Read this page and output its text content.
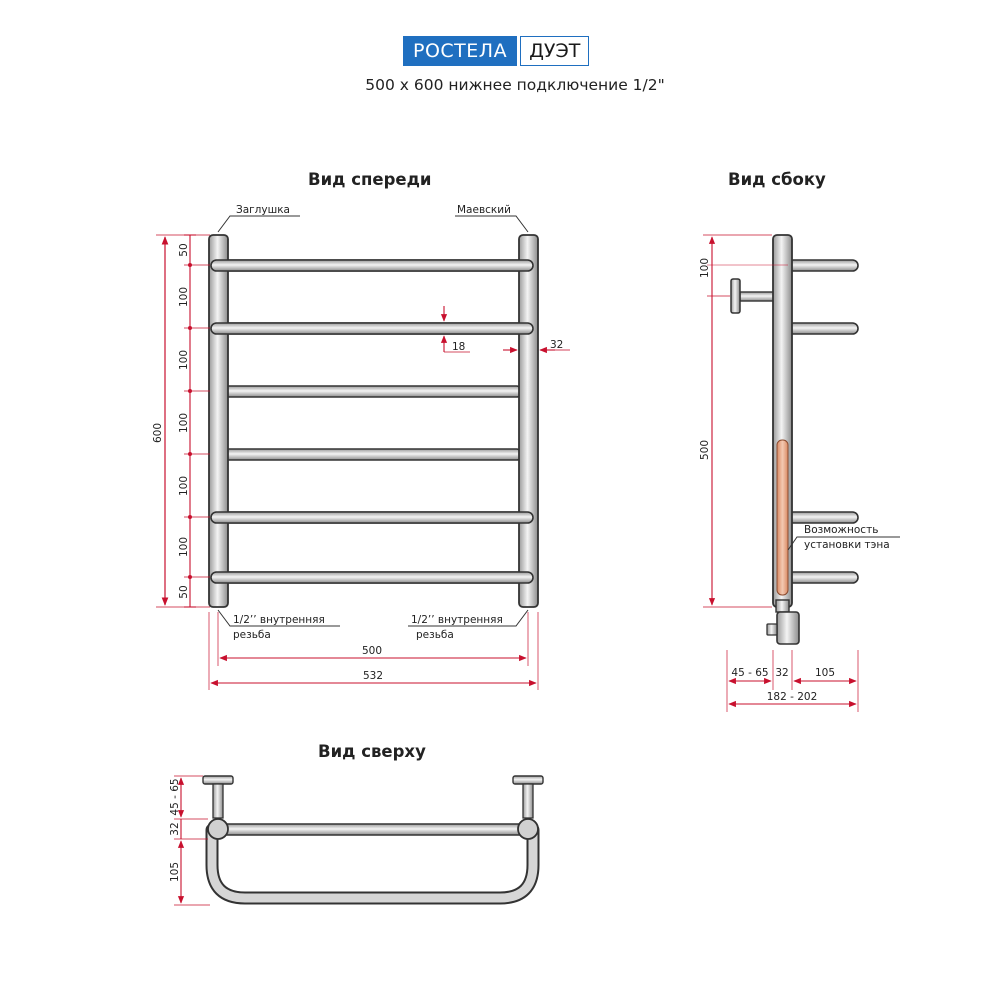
РОСТЕЛА	ДУЭТ
500 х 600 нижнее подключение 1/2"
Вид спереди	Вид сбоку
Вид сверху
Заглушка	Маевский
1/2’’ внутренняя
резьба
1/2’’ внутренняя
резьба
600
50
100
100
100
100
100
50
18	32
500
532
Возможность
установки тэна
100
500
45 - 65 32	105
182 - 202
45 - 65
32
105
